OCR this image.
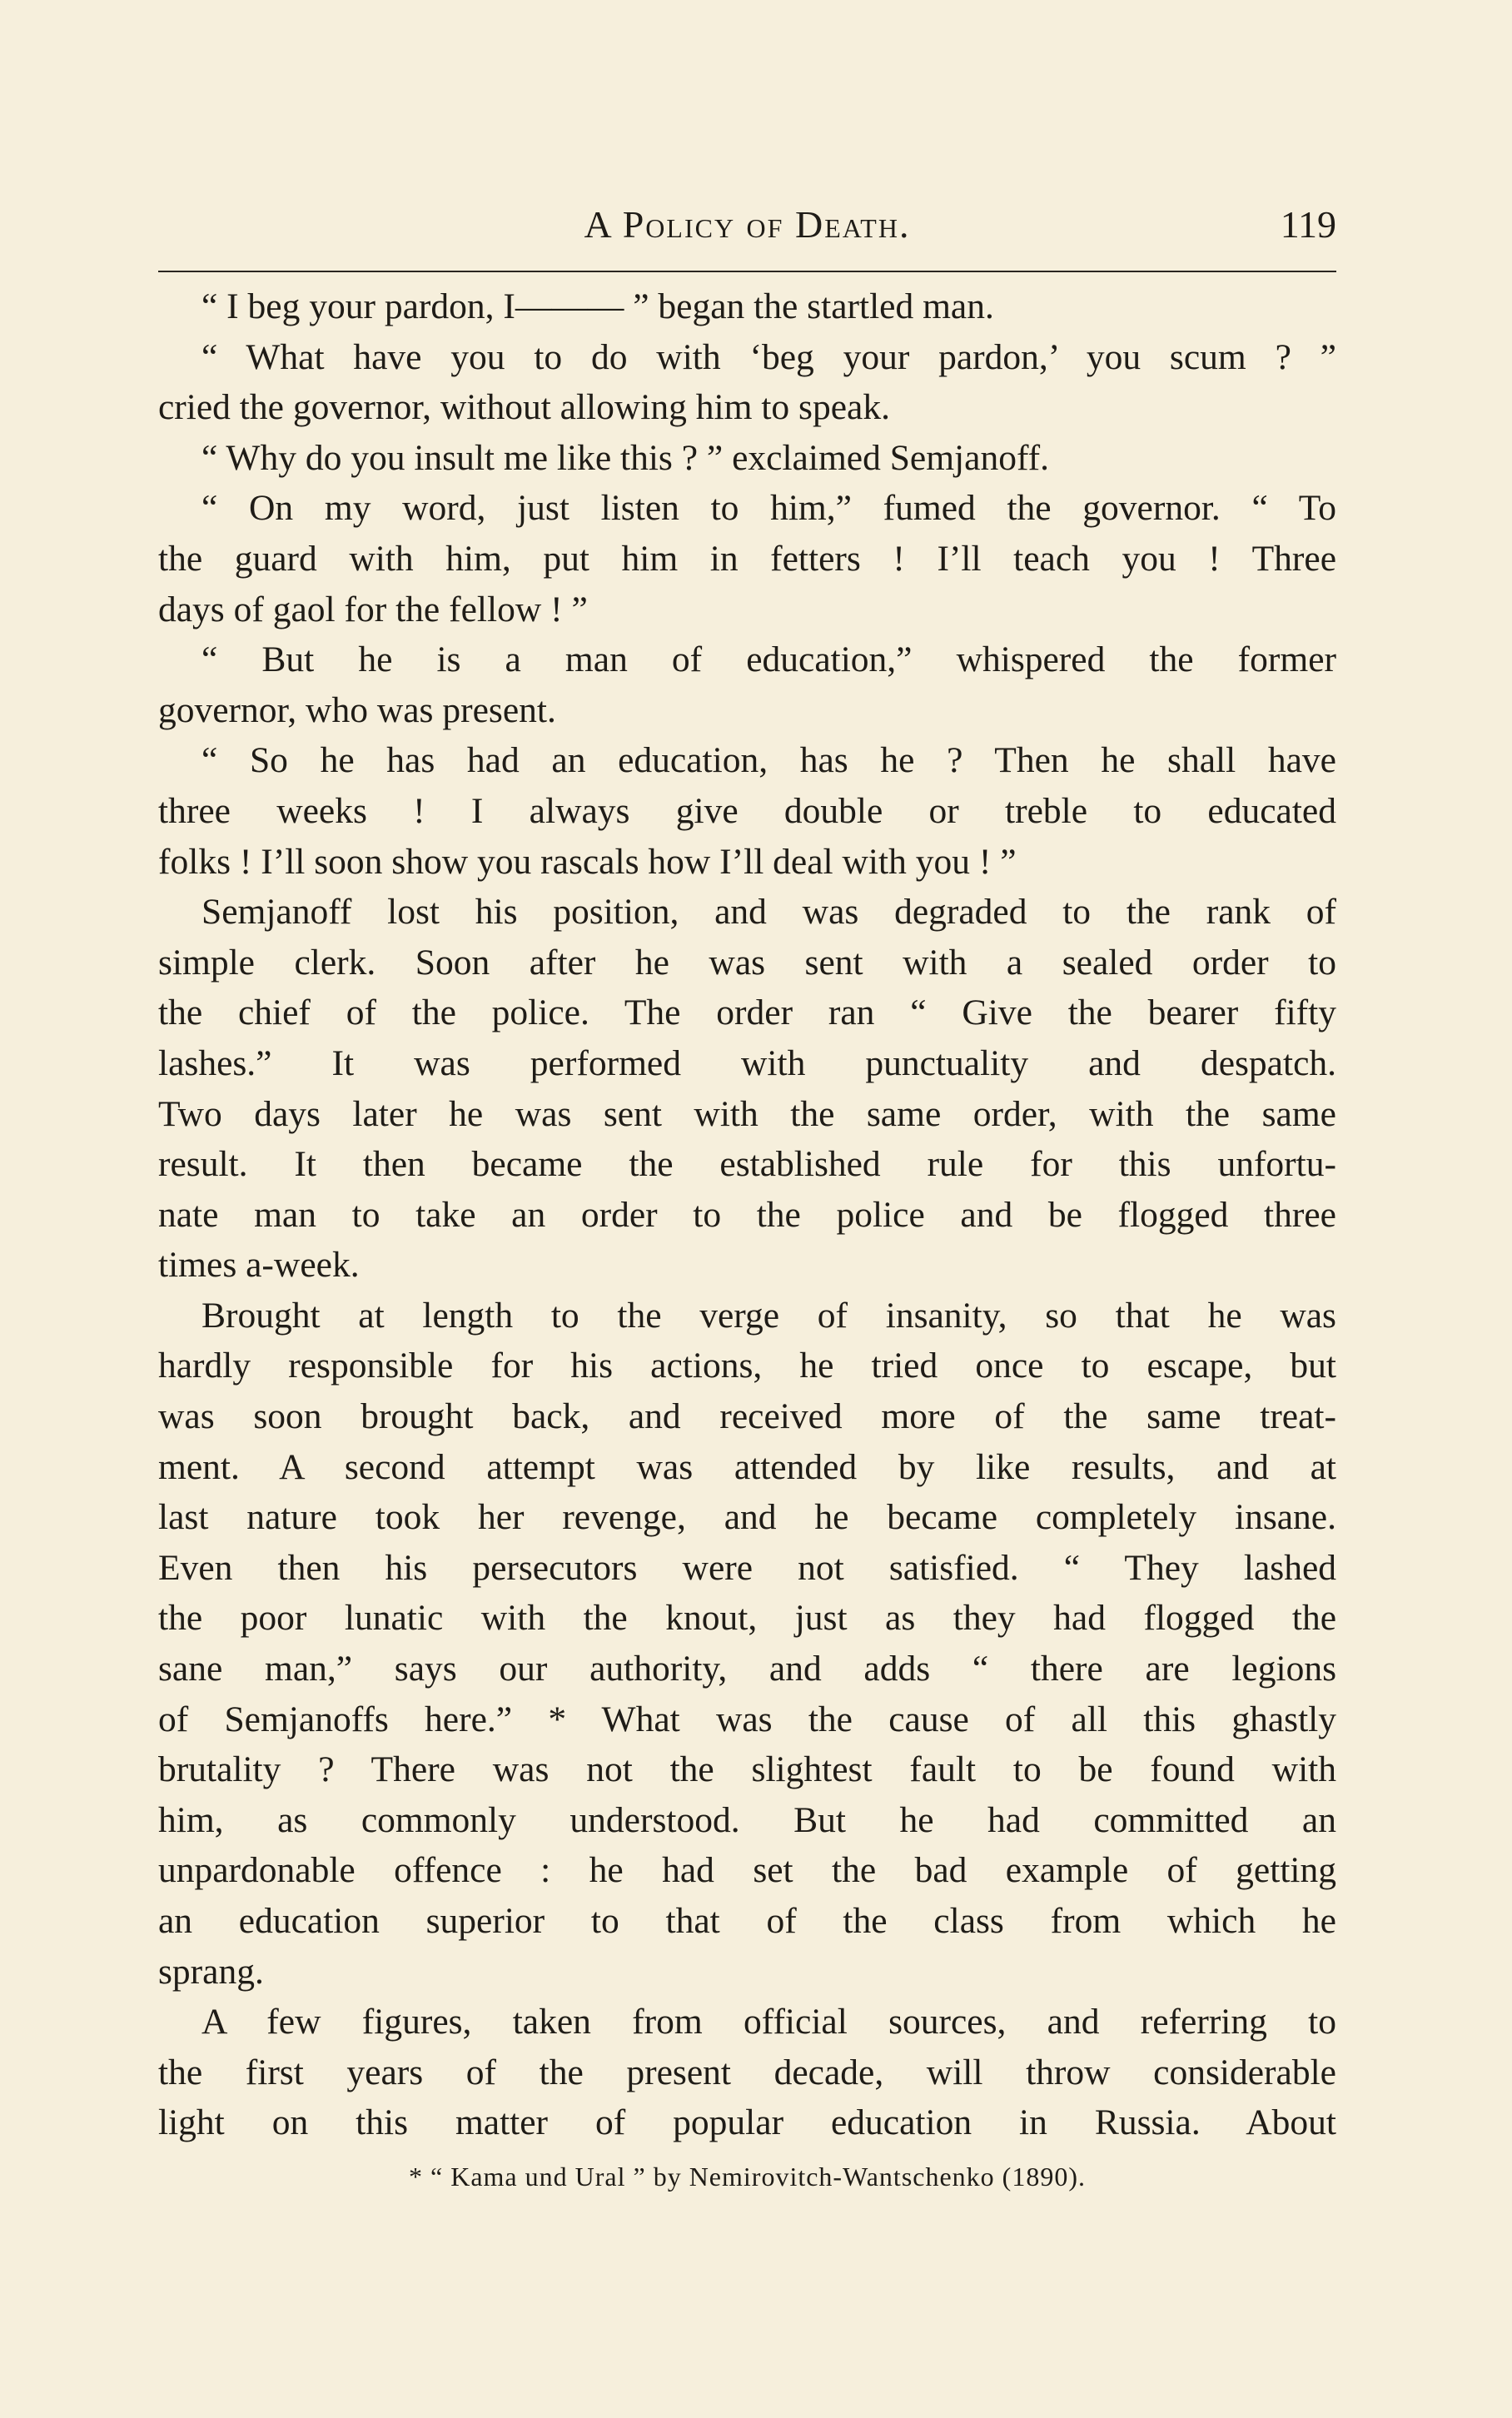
A Policy of Death.	119
“ I beg your pardon, I——— ” began the startled man.
“ What have you to do with ‘beg your pardon,’ you scum ? ”
cried the governor, without allowing him to speak.
“ Why do you insult me like this ? ” exclaimed Semjanoff.
“ On my word, just listen to him,” fumed the governor. “ To
the guard with him, put him in fetters ! I’ll teach you ! Three
days of gaol for the fellow ! ”
“ But he is a man of education,” whispered the former
governor, who was present.
“ So he has had an education, has he ? Then he shall have
three weeks ! I always give double or treble to educated
folks ! I’ll soon show you rascals how I’ll deal with you ! ”
Semjanoff lost his position, and was degraded to the rank of
simple clerk. Soon after he was sent with a sealed order to
the chief of the police. The order ran “ Give the bearer fifty
lashes.” It was performed with punctuality and despatch.
Two days later he was sent with the same order, with the same
result. It then became the established rule for this unfortu-
nate man to take an order to the police and be flogged three
times a-week.
Brought at length to the verge of insanity, so that he was
hardly responsible for his actions, he tried once to escape, but
was soon brought back, and received more of the same treat-
ment. A second attempt was attended by like results, and at
last nature took her revenge, and he became completely insane.
Even then his persecutors were not satisfied. “ They lashed
the poor lunatic with the knout, just as they had flogged the
sane man,” says our authority, and adds “ there are legions
of Semjanoffs here.” * What was the cause of all this ghastly
brutality ? There was not the slightest fault to be found with
him, as commonly understood. But he had committed an
unpardonable offence : he had set the bad example of getting
an education superior to that of the class from which he
sprang.
A few figures, taken from official sources, and referring to
the first years of the present decade, will throw considerable
light on this matter of popular education in Russia. About
* “ Kama und Ural ” by Nemirovitch-Wantschenko (1890).
